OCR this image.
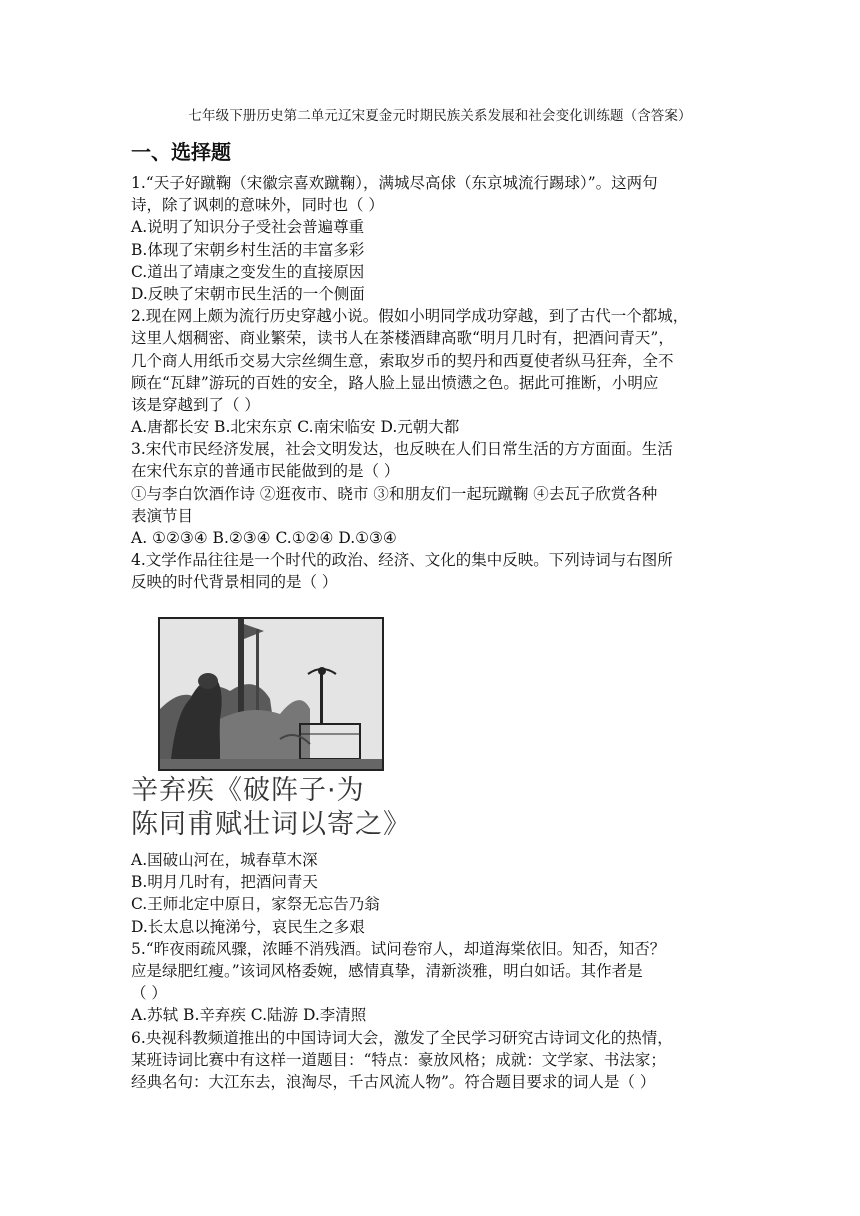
七年级下册历史第二单元辽宋夏金元时期民族关系发展和社会变化训练题（含答案）
一、选择题
1.“天子好蹴鞠（宋徽宗喜欢蹴鞠），满城尽高俅（东京城流行踢球）”。这两句
诗，除了讽刺的意味外，同时也（ ）
A.说明了知识分子受社会普遍尊重
B.体现了宋朝乡村生活的丰富多彩
C.道出了靖康之变发生的直接原因
D.反映了宋朝市民生活的一个侧面
2.现在网上颇为流行历史穿越小说。假如小明同学成功穿越，到了古代一个都城，
这里人烟稠密、商业繁荣，读书人在茶楼酒肆高歌“明月几时有，把酒问青天”，
几个商人用纸币交易大宗丝绸生意，索取岁币的契丹和西夏使者纵马狂奔，全不
顾在“瓦肆”游玩的百姓的安全，路人脸上显出愤懑之色。据此可推断，小明应
该是穿越到了（ ）
A.唐都长安 B.北宋东京 C.南宋临安 D.元朝大都
3.宋代市民经济发展，社会文明发达，也反映在人们日常生活的方方面面。生活
在宋代东京的普通市民能做到的是（ ）
①与李白饮酒作诗 ②逛夜市、晓市 ③和朋友们一起玩蹴鞠 ④去瓦子欣赏各种
表演节目
A. ①②③④ B.②③④ C.①②④ D.①③④
4.文学作品往往是一个时代的政治、经济、文化的集中反映。下列诗词与右图所
反映的时代背景相同的是（ ）
辛弃疾《破阵子·为
陈同甫赋壮词以寄之》
A.国破山河在，城春草木深
B.明月几时有，把酒问青天
C.王师北定中原日，家祭无忘告乃翁
D.长太息以掩涕兮，哀民生之多艰
5.“昨夜雨疏风骤，浓睡不消残酒。试问卷帘人，却道海棠依旧。知否，知否？
应是绿肥红瘦。”该词风格委婉，感情真挚，清新淡雅，明白如话。其作者是
（ ）
A.苏轼 B.辛弃疾 C.陆游 D.李清照
6.央视科教频道推出的中国诗词大会，激发了全民学习研究古诗词文化的热情，
某班诗词比赛中有这样一道题目：“特点：豪放风格；成就：文学家、书法家；
经典名句：大江东去，浪淘尽，千古风流人物”。符合题目要求的词人是（ ）
